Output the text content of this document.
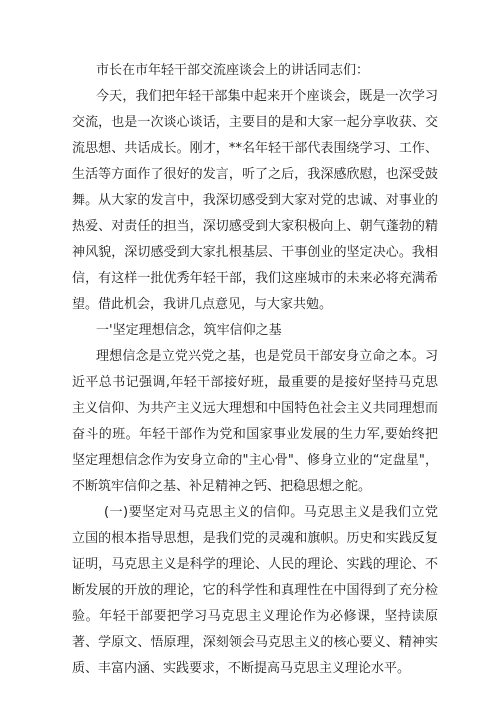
市长在市年轻干部交流座谈会上的讲话同志们：

今天，我们把年轻干部集中起来开个座谈会，既是一次学习交流，也是一次谈心谈话，主要目的是和大家一起分享收获、交流思想、共话成长。刚才，**名年轻干部代表围绕学习、工作、生活等方面作了很好的发言，听了之后，我深感欣慰，也深受鼓舞。从大家的发言中，我深切感受到大家对党的忠诚、对事业的热爱、对责任的担当，深切感受到大家积极向上、朝气蓬勃的精神风貌，深切感受到大家扎根基层、干事创业的坚定决心。我相信，有这样一批优秀年轻干部，我们这座城市的未来必将充满希望。借此机会，我讲几点意见，与大家共勉。

一'坚定理想信念，筑牢信仰之基

理想信念是立党兴党之基，也是党员干部安身立命之本。习近平总书记强调,年轻干部接好班，最重要的是接好坚持马克思主义信仰、为共产主义远大理想和中国特色社会主义共同理想而奋斗的班。年轻干部作为党和国家事业发展的生力军,要始终把坚定理想信念作为安身立命的"主心骨"、修身立业的“定盘星"，不断筑牢信仰之基、补足精神之钙、把稳思想之舵。

(一)要坚定对马克思主义的信仰。马克思主义是我们立党立国的根本指导思想，是我们党的灵魂和旗帜。历史和实践反复证明，马克思主义是科学的理论、人民的理论、实践的理论、不断发展的开放的理论，它的科学性和真理性在中国得到了充分检验。年轻干部要把学习马克思主义理论作为必修课，坚持读原著、学原文、悟原理，深刻领会马克思主义的核心要义、精神实质、丰富内涵、实践要求，不断提高马克思主义理论水平。
